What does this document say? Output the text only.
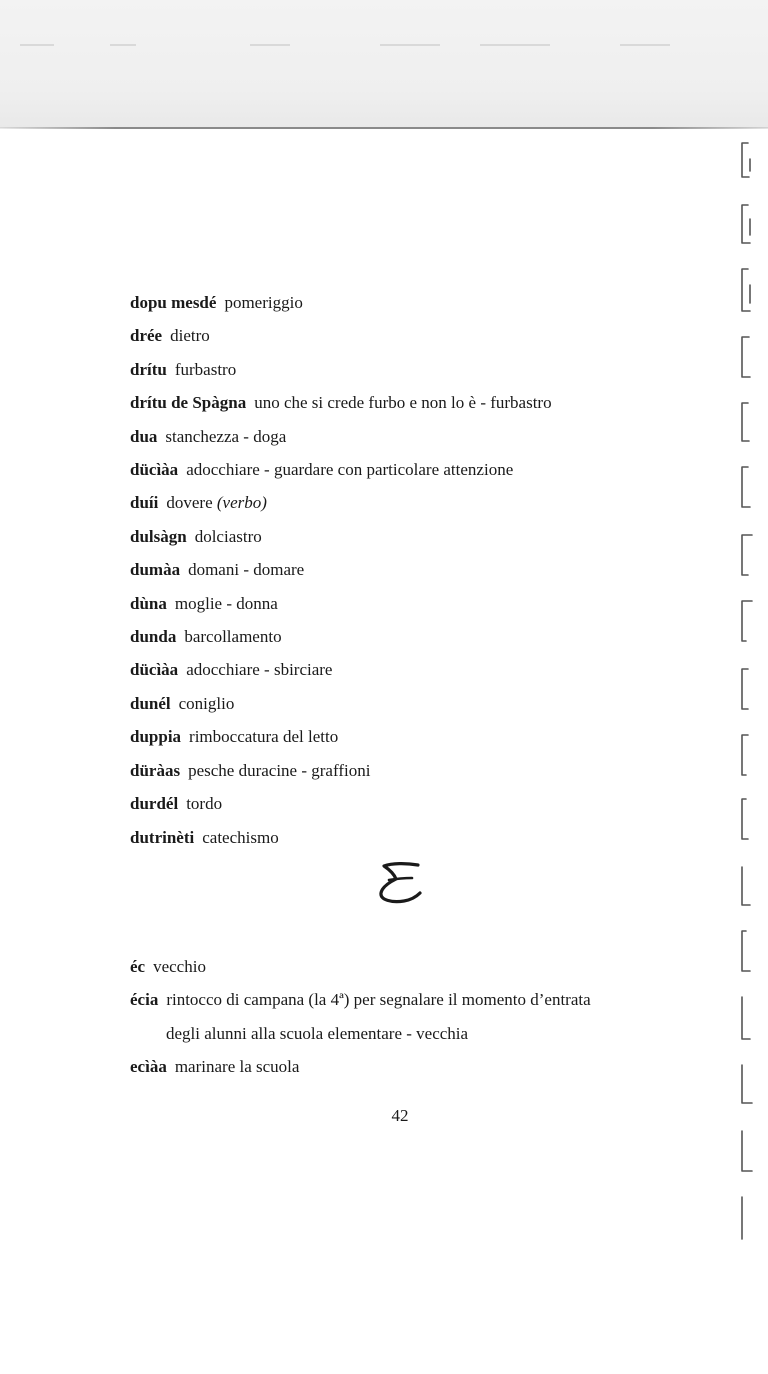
dopu mesdé pomeriggio
drée dietro
drítu furbastro
drítu de Spàgna uno che si crede furbo e non lo è - furbastro
dua stanchezza - doga
dücìàa adocchiare - guardare con particolare attenzione
duíi dovere (verbo)
dulsàgn dolciastro
dumàa domani - domare
dùna moglie - donna
dunda barcollamento
dücìàa adocchiare - sbirciare
dunél coniglio
duppia rimboccatura del letto
düràas pesche duracine - graffioni
durdél tordo
dutrinèti catechismo
éc vecchio
écia rintocco di campana (la 4ª) per segnalare il momento d’entrata
degli alunni alla scuola elementare - vecchia
ecìàa marinare la scuola
42
